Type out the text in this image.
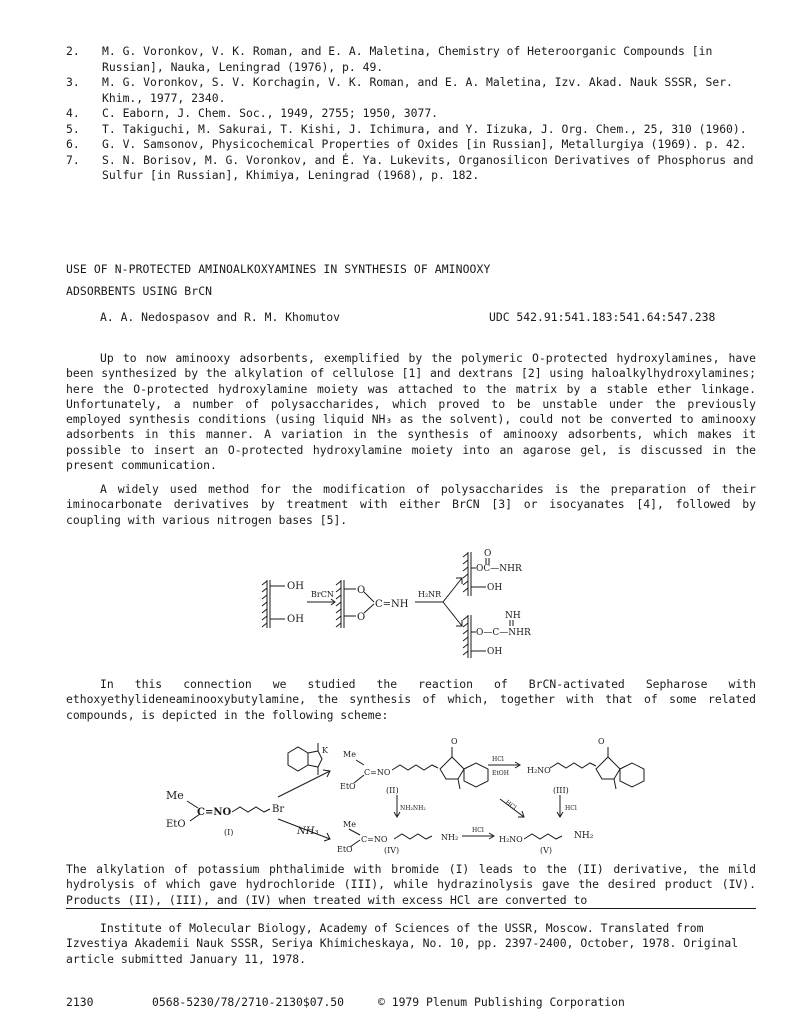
2.	M. G. Voronkov, V. K. Roman, and E. A. Maletina, Chemistry of Heteroorganic Compounds [in Russian], Nauka, Leningrad (1976), p. 49.
3.	M. G. Voronkov, S. V. Korchagin, V. K. Roman, and E. A. Maletina, Izv. Akad. Nauk SSSR, Ser. Khim., 1977, 2340.
4.	C. Eaborn, J. Chem. Soc., 1949, 2755; 1950, 3077.
5.	T. Takiguchi, M. Sakurai, T. Kishi, J. Ichimura, and Y. Iizuka, J. Org. Chem., 25, 310 (1960).
6.	G. V. Samsonov, Physicochemical Properties of Oxides [in Russian], Metallurgiya (1969). p. 42.
7.	S. N. Borisov, M. G. Voronkov, and É. Ya. Lukevits, Organosilicon Derivatives of Phosphorus and Sulfur [in Russian], Khimiya, Leningrad (1968), p. 182.
USE OF N-PROTECTED AMINOALKOXYAMINES IN SYNTHESIS OF AMINOOXY
ADSORBENTS USING BrCN
A. A. Nedospasov and R. M. Khomutov	UDC 542.91:541.183:541.64:547.238
Up to now aminooxy adsorbents, exemplified by the polymeric O-protected hydroxylamines, have been synthesized by the alkylation of cellulose [1] and dextrans [2] using haloalkylhydroxylamines; here the O-protected hydroxylamine moiety was attached to the matrix by a stable ether linkage. Unfortunately, a number of polysaccharides, which proved to be unstable under the previously employed synthesis conditions (using liquid NH₃ as the solvent), could not be converted to aminooxy adsorbents in this manner. A variation in the synthesis of aminooxy adsorbents, which makes it possible to insert an O-protected hydroxylamine moiety into an agarose gel, is discussed in the present communication.
A widely used method for the modification of polysaccharides is the preparation of their iminocarbonate derivatives by treatment with either BrCN [3] or isocyanates [4], followed by coupling with various nitrogen bases [5].
OH
OH
BrCN O
O
C=NH
H₂NR
O
OC—NHR
OH
NH
O—C—NHR
OH
In this connection we studied the reaction of BrCN-activated Sepharose with ethoxyethylideneaminooxybutylamine, the synthesis of which, together with that of some related compounds, is depicted in the following scheme:
Me
EtO
C=NO	Br
(I)
K Me
EtO
C=NO
(II)
O
HCl
EtOH H₂NO
O
(III)
NH₂NH₂
NH₃
HCl
HCl
Me
EtO
C=NO	NH₂
(IV)
HCl
H₂NO	NH₂
(V)
The alkylation of potassium phthalimide with bromide (I) leads to the (II) derivative, the mild hydrolysis of which gave hydrochloride (III), while hydrazinolysis gave the desired product (IV). Products (II), (III), and (IV) when treated with excess HCl are converted to
Institute of Molecular Biology, Academy of Sciences of the USSR, Moscow. Translated from Izvestiya Akademii Nauk SSSR, Seriya Khimicheskaya, No. 10, pp. 2397-2400, October, 1978. Original article submitted January 11, 1978.
2130	0568-5230/78/2710-2130$07.50	© 1979 Plenum Publishing Corporation
